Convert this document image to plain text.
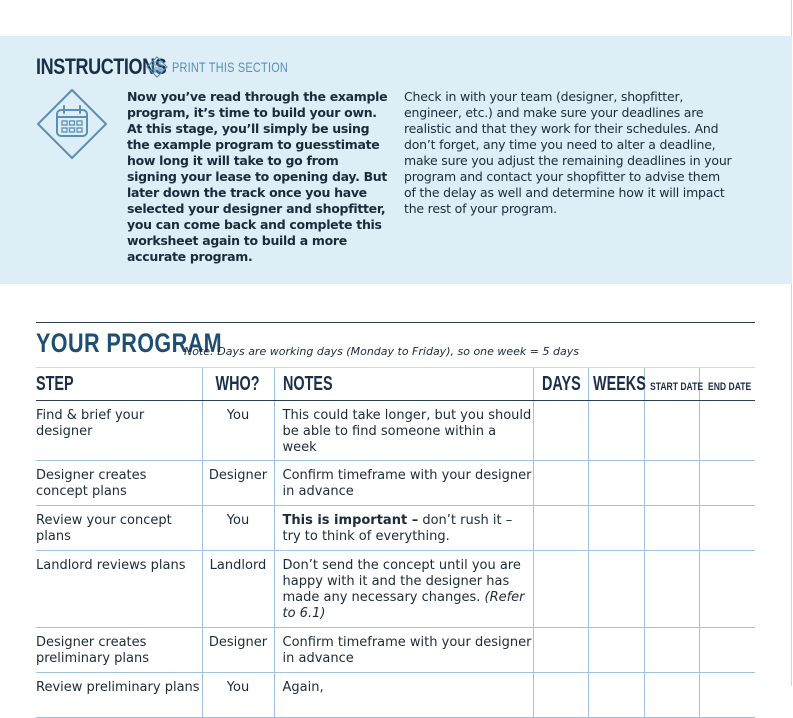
INSTRUCTIONS PRINT THIS SECTION
Now you’ve read through the example program, it’s time to build your own. At this stage, you’ll simply be using the example program to guesstimate how long it will take to go from signing your lease to opening day. But later down the track once you have selected your designer and shopfitter, you can come back and complete this worksheet again to build a more accurate program.
Check in with your team (designer, shopfitter, engineer, etc.) and make sure your deadlines are realistic and that they work for their schedules. And don’t forget, any time you need to alter a deadline, make sure you adjust the remaining deadlines in your program and contact your shopfitter to advise them of the delay as well and determine how it will impact the rest of your program.
YOUR PROGRAM
Note: Days are working days (Monday to Friday), so one week = 5 days
STEP	WHO?	NOTES	DAYS	WEEKS	START DATE	END DATE
Find & brief your designer	You	This could take longer, but you should be able to find someone within a week				
Designer creates concept plans	Designer	Confirm timeframe with your designer in advance				
Review your concept plans	You	This is important – don’t rush it – try to think of everything.				
Landlord reviews plans	Landlord	Don’t send the concept until you are happy with it and the designer has made any necessary changes. (Refer to 6.1)				
Designer creates preliminary plans	Designer	Confirm timeframe with your designer in advance				
Review preliminary plans	You	Again,				
